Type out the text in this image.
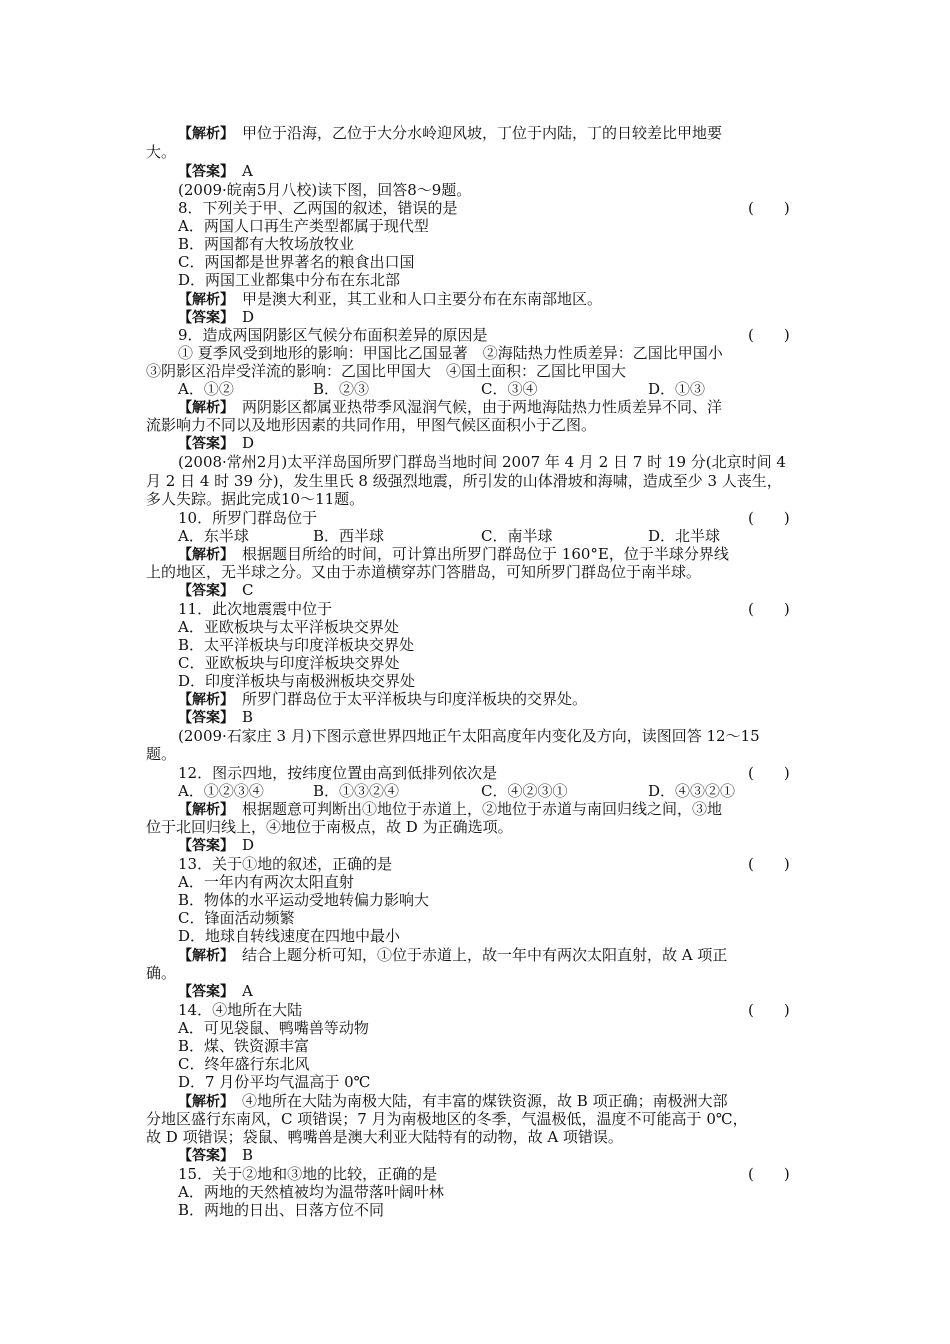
【解析】　 甲位于沿海，乙位于大分水岭迎风坡，丁位于内陆，丁的日较差比甲地要
大。
【答案】　 A
(2009·皖南5月八校)读下图，回答8～9题。
8．下列关于甲、乙两国的叙述，错误的是	(　　)
A．两国人口再生产类型都属于现代型
B．两国都有大牧场放牧业
C．两国都是世界著名的粮食出口国
D．两国工业都集中分布在东北部
【解析】　 甲是澳大利亚，其工业和人口主要分布在东南部地区。
【答案】　 D
9．造成两国阴影区气候分布面积差异的原因是	(　　)
① 夏季风受到地形的影响：甲国比乙国显著　②海陆热力性质差异：乙国比甲国小
③阴影区沿岸受洋流的影响：乙国比甲国大　④国土面积：乙国比甲国大
A．①②	B．②③	C．③④	D．①③
【解析】　 两阴影区都属亚热带季风湿润气候，由于两地海陆热力性质差异不同、洋
流影响力不同以及地形因素的共同作用，甲图气候区面积小于乙图。
【答案】　 D
(2008·常州2月)太平洋岛国所罗门群岛当地时间 2007 年 4 月 2 日 7 时 19 分(北京时间 4
月 2 日 4 时 39 分)，发生里氏 8 级强烈地震，所引发的山体滑坡和海啸，造成至少 3 人丧生，
多人失踪。据此完成10～11题。
10．所罗门群岛位于	(　　)
A．东半球	B．西半球	C．南半球	D．北半球
【解析】　 根据题目所给的时间，可计算出所罗门群岛位于 160°E，位于半球分界线
上的地区，无半球之分。又由于赤道横穿苏门答腊岛，可知所罗门群岛位于南半球。
【答案】　 C
11．此次地震震中位于	(　　)
A．亚欧板块与太平洋板块交界处
B．太平洋板块与印度洋板块交界处
C．亚欧板块与印度洋板块交界处
D．印度洋板块与南极洲板块交界处
【解析】　 所罗门群岛位于太平洋板块与印度洋板块的交界处。
【答案】　 B
(2009·石家庄 3 月)下图示意世界四地正午太阳高度年内变化及方向，读图回答 12～15
题。
12．图示四地，按纬度位置由高到低排列依次是	(　　)
A．①②③④	B．①③②④	C．④②③①	D．④③②①
【解析】　 根据题意可判断出①地位于赤道上，②地位于赤道与南回归线之间，③地
位于北回归线上，④地位于南极点，故 D 为正确选项。
【答案】　 D
13．关于①地的叙述，正确的是	(　　)
A．一年内有两次太阳直射
B．物体的水平运动受地转偏力影响大
C．锋面活动频繁
D．地球自转线速度在四地中最小
【解析】　 结合上题分析可知，①位于赤道上，故一年中有两次太阳直射，故 A 项正
确。
【答案】　 A
14．④地所在大陆	(　　)
A．可见袋鼠、鸭嘴兽等动物
B．煤、铁资源丰富
C．终年盛行东北风
D．7 月份平均气温高于 0℃
【解析】　 ④地所在大陆为南极大陆，有丰富的煤铁资源，故 B 项正确；南极洲大部
分地区盛行东南风，C 项错误；7 月为南极地区的冬季，气温极低，温度不可能高于 0℃，
故 D 项错误；袋鼠、鸭嘴兽是澳大利亚大陆特有的动物，故 A 项错误。
【答案】　 B
15．关于②地和③地的比较，正确的是	(　　)
A．两地的天然植被均为温带落叶阔叶林
B．两地的日出、日落方位不同
